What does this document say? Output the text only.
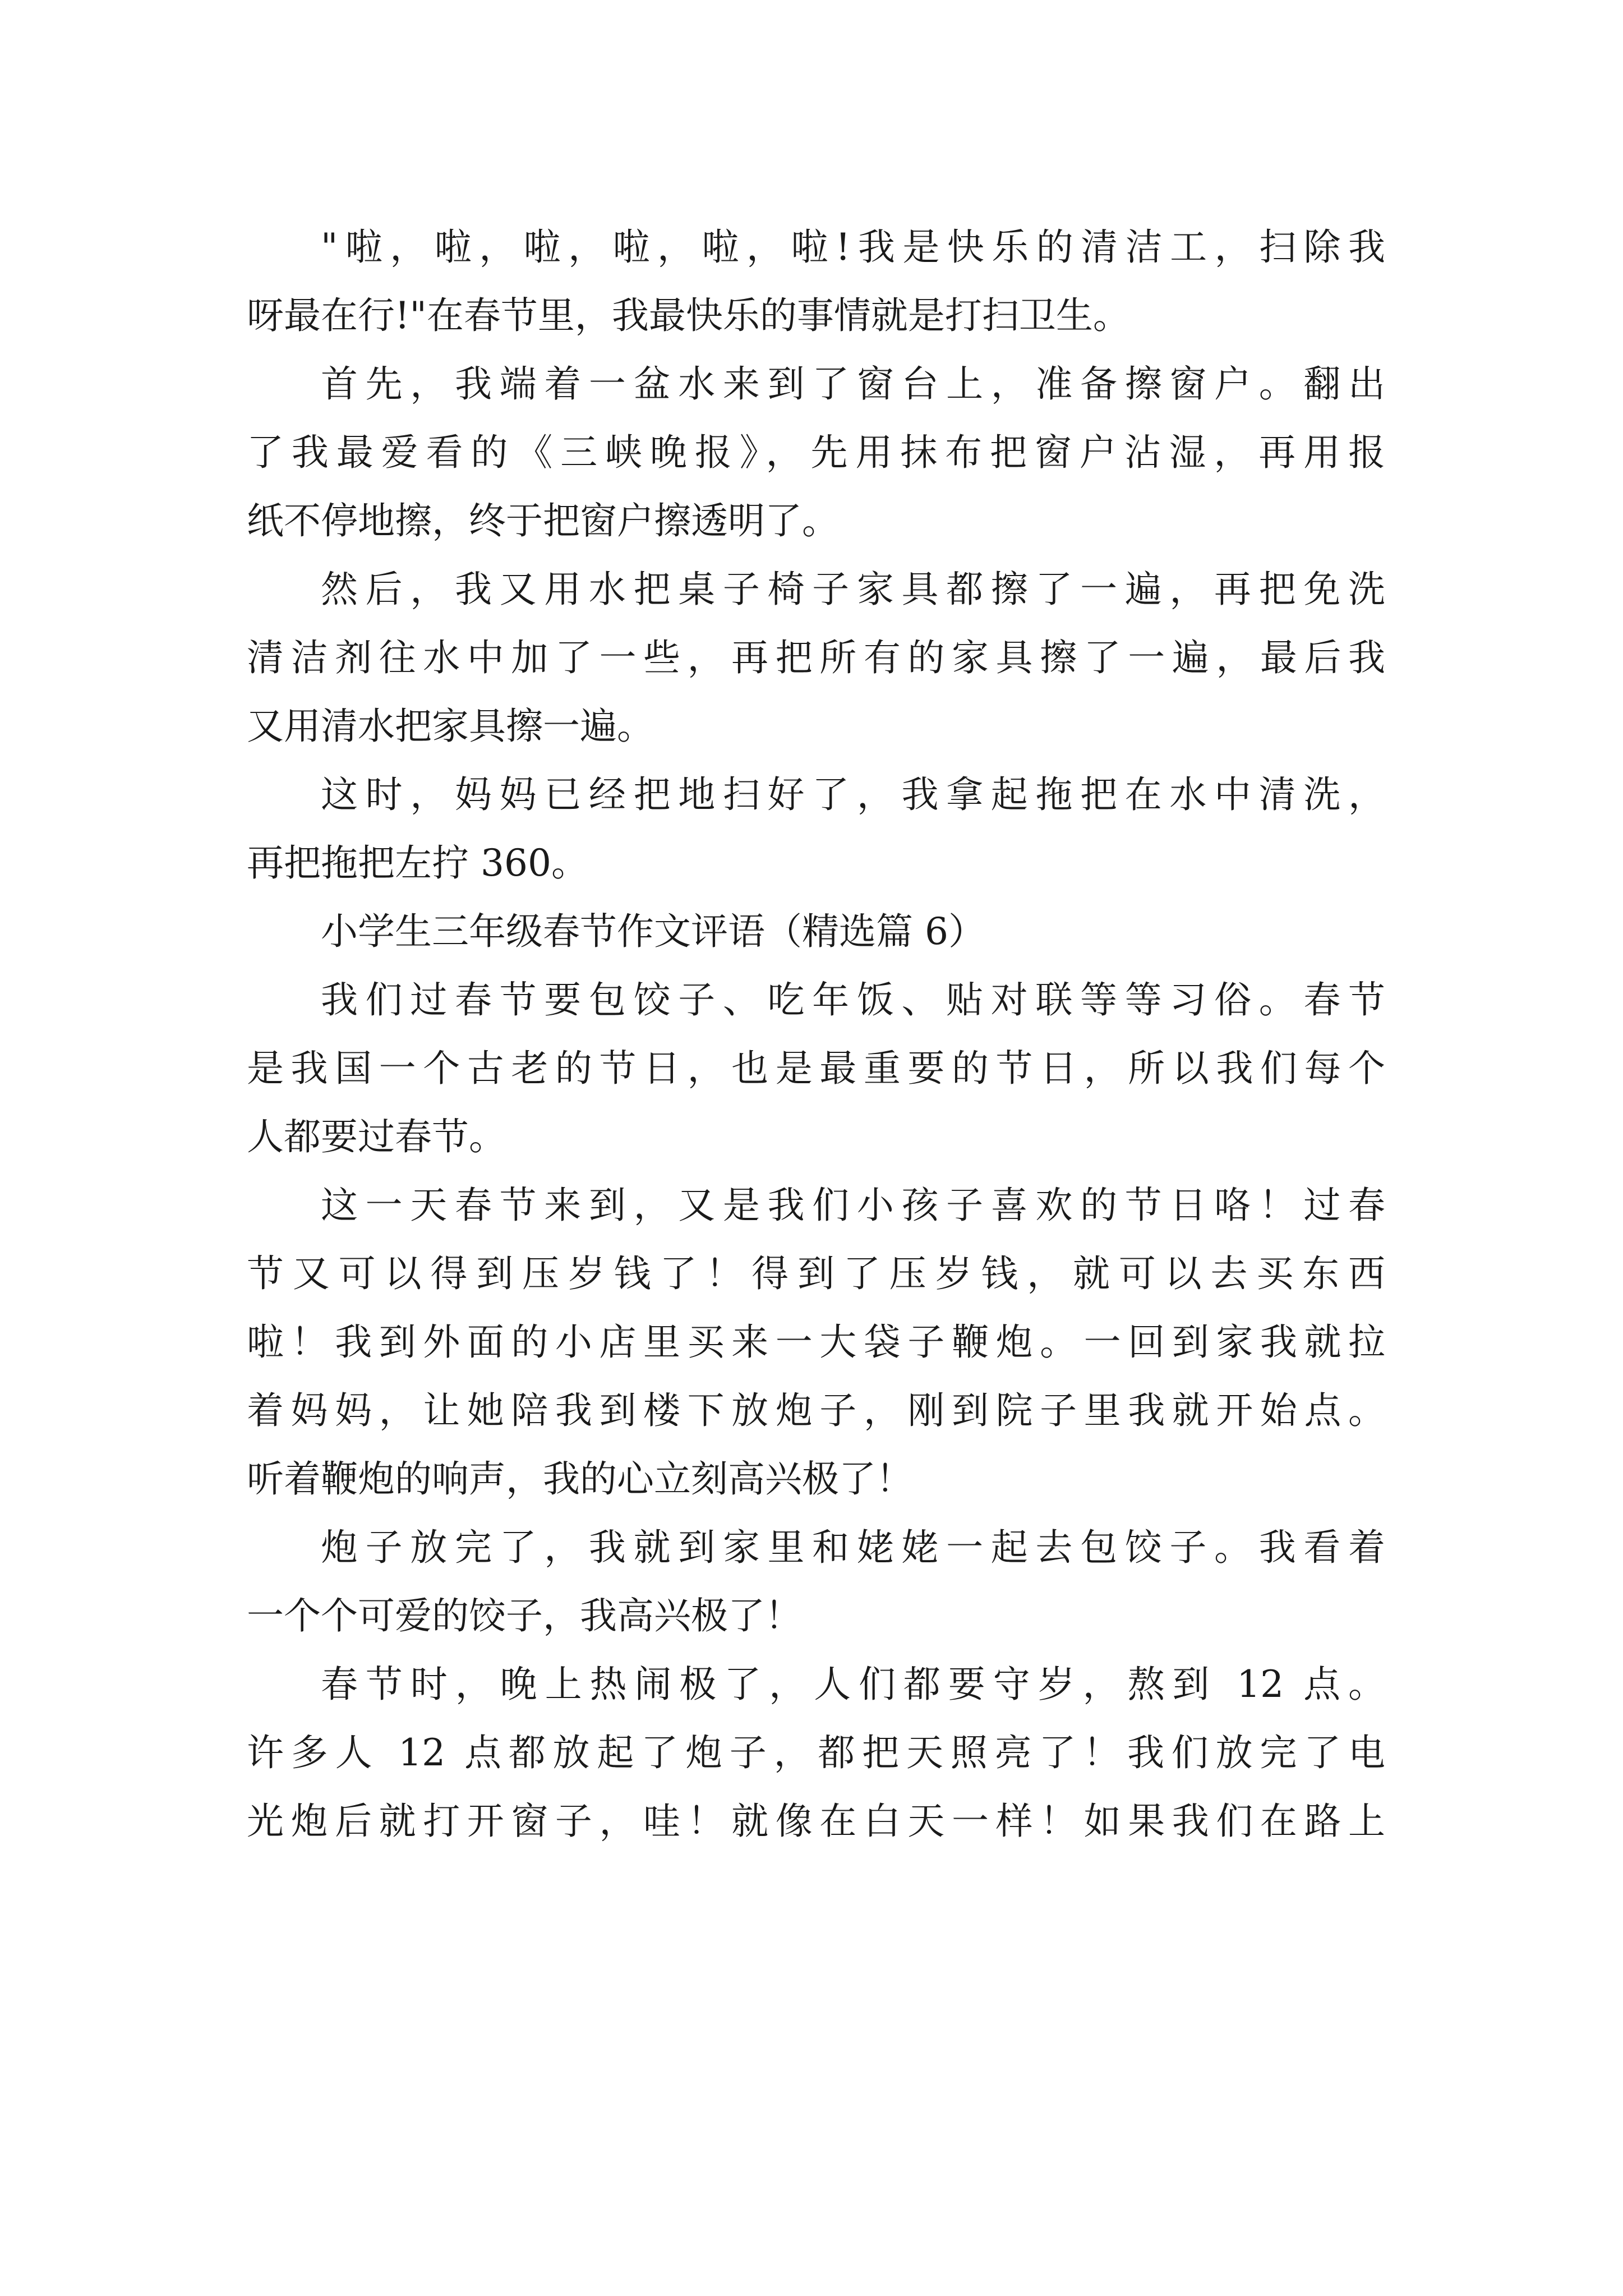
"啦，啦，啦，啦，啦，啦!我是快乐的清洁工，扫除我
呀最在行!"在春节里，我最快乐的事情就是打扫卫生。

首先，我端着一盆水来到了窗台上，准备擦窗户。翻出
了我最爱看的《三峡晚报》，先用抹布把窗户沾湿，再用报
纸不停地擦，终于把窗户擦透明了。

然后，我又用水把桌子椅子家具都擦了一遍，再把免洗
清洁剂往水中加了一些，再把所有的家具擦了一遍，最后我
又用清水把家具擦一遍。

这时，妈妈已经把地扫好了，我拿起拖把在水中清洗，
再把拖把左拧 360。

小学生三年级春节作文评语（精选篇 6）

我们过春节要包饺子、吃年饭、贴对联等等习俗。春节
是我国一个古老的节日，也是最重要的节日，所以我们每个
人都要过春节。

这一天春节来到，又是我们小孩子喜欢的节日咯！过春
节又可以得到压岁钱了！得到了压岁钱，就可以去买东西
啦！我到外面的小店里买来一大袋子鞭炮。一回到家我就拉
着妈妈，让她陪我到楼下放炮子，刚到院子里我就开始点。
听着鞭炮的响声，我的心立刻高兴极了！

炮子放完了，我就到家里和姥姥一起去包饺子。我看着
一个个可爱的饺子，我高兴极了！

春节时，晚上热闹极了，人们都要守岁，熬到 12 点。
许多人 12 点都放起了炮子，都把天照亮了！我们放完了电
光炮后就打开窗子，哇！就像在白天一样！如果我们在路上
